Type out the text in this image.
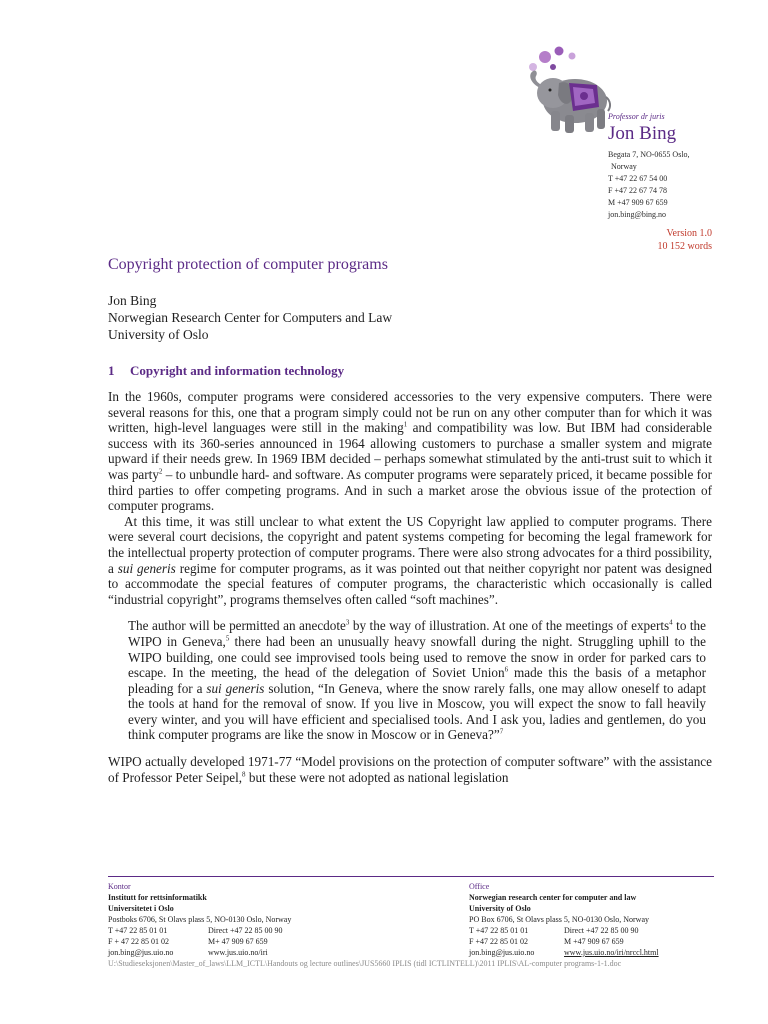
Professor dr juris
Jon Bing
Begata 7, NO-0655 Oslo,
Norway
T +47 22 67 54 00
F +47 22 67 74 78
M +47 909 67 659
jon.bing@bing.no
Version 1.0
10 152 words
Copyright protection of computer programs
Jon Bing
Norwegian Research Center for Computers and Law
University of Oslo
1 Copyright and information technology

In the 1960s, computer programs were considered accessories to the very expensive computers. There were several reasons for this, one that a program simply could not be run on any other computer than for which it was written, high-level languages were still in the making$^1$ and compatibility was low. But IBM had considerable success with its 360-series announced in 1964 allowing customers to purchase a smaller system and migrate upward if their needs grew. In 1969 IBM decided – perhaps somewhat stimulated by the anti-trust suit to which it was party$^2$ – to unbundle hard- and software. As computer programs were separately priced, it became possible for third parties to offer competing programs. And in such a market arose the obvious issue of the protection of computer programs.

At this time, it was still unclear to what extent the US Copyright law applied to computer programs. There were several court decisions, the copyright and patent systems competing for becoming the legal framework for the intellectual property protection of computer programs. There were also strong advocates for a third possibility, a sui generis regime for computer programs, as it was pointed out that neither copyright nor patent was designed to accommodate the special features of computer programs, the characteristic which occasionally is called “industrial copyright”, programs themselves often called “soft machines”.

The author will be permitted an anecdote$^3$ by the way of illustration. At one of the meetings of experts$^4$ to the WIPO in Geneva,$^5$ there had been an unusually heavy snowfall during the night. Struggling uphill to the WIPO building, one could see improvised tools being used to remove the snow in order for parked cars to escape. In the meeting, the head of the delegation of Soviet Union$^6$ made this the basis of a metaphor pleading for a sui generis solution, “In Geneva, where the snow rarely falls, one may allow oneself to adapt the tools at hand for the removal of snow. If you live in Moscow, you will expect the snow to fall heavily every winter, and you will have efficient and specialised tools. And I ask you, ladies and gentlemen, do you think computer programs are like the snow in Moscow or in Geneva?”$^7$

WIPO actually developed 1971-77 “Model provisions on the protection of computer software” with the assistance of Professor Peter Seipel,$^8$ but these were not adopted as national legislation

Kontor
Institutt for rettsinformatikk
Universitetet i Oslo
Postboks 6706, St Olavs plass 5, NO-0130 Oslo, Norway
T +47 22 85 01 01	Direct +47 22 85 00 90
F + 47 22 85 01 02	M+ 47 909 67 659
jon.bing@jus.uio.no	www.jus.uio.no/iri
Office
Norwegian research center for computer and law
University of Oslo
PO Box 6706, St Olavs plass 5, NO-0130 Oslo, Norway
T +47 22 85 01 01	Direct +47 22 85 00 90
F +47 22 85 01 02	M +47 909 67 659
jon.bing@jus.uio.no	www.jus.uio.no/iri/nrccl.html
U:\Studieseksjonen\Master_of_laws\LLM_ICTL\Handouts og lecture outlines\JUS5660 IPLIS (tidl ICTLINTELL)\2011 IPLIS\AL-computer programs-1-1.doc
